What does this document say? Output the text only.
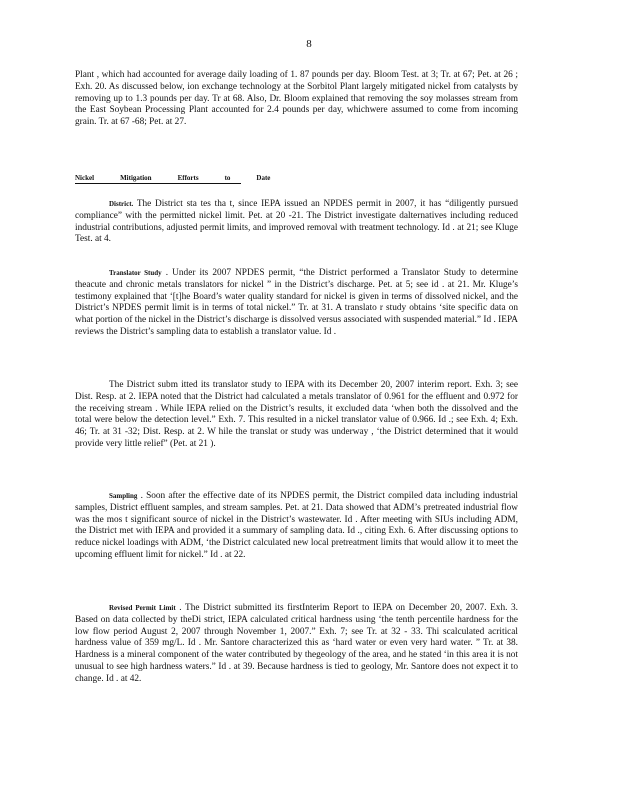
8

Plant , which had accounted for average daily loading of 1. 87 pounds per day. Bloom Test. at 3; Tr. at 67; Pet. at 26 ; Exh. 20. As discussed below, ion exchange technology at the Sorbitol Plant largely mitigated nickel from catalysts by removing up to 1.3 pounds per day. Tr at 68. Also, Dr. Bloom explained that removing the soy molasses stream from the East Soybean Processing Plant accounted for 2.4 pounds per day, whichwere assumed to come from incoming grain. Tr. at 67 -68; Pet. at 27.

Nickel	Mitigation	Efforts	to	Date

District. The District sta tes tha t, since IEPA issued an NPDES permit in 2007, it has “diligently pursued compliance” with the permitted nickel limit. Pet. at 20 -21. The District investigate dalternatives including reduced industrial contributions, adjusted permit limits, and improved removal with treatment technology. Id . at 21; see Kluge Test. at 4.

Translator Study . Under its 2007 NPDES permit, “the District performed a Translator Study to determine theacute and chronic metals translators for nickel ” in the District’s discharge. Pet. at 5; see id . at 21. Mr. Kluge’s testimony explained that ‘[t]he Board’s water quality standard for nickel is given in terms of dissolved nickel, and the District’s NPDES permit limit is in terms of total nickel.” Tr. at 31. A translato r study obtains ‘site specific data on what portion of the nickel in the District’s discharge is dissolved versus associated with suspended material.” Id . IEPA reviews the District’s sampling data to establish a translator value. Id .

The District subm itted its translator study to IEPA with its December 20, 2007 interim report. Exh. 3; see Dist. Resp. at 2. IEPA noted that the District had calculated a metals translator of 0.961 for the effluent and 0.972 for the receiving stream . While IEPA relied on the District’s results, it excluded data ‘when both the dissolved and the total were below the detection level.” Exh. 7. This resulted in a nickel translator value of 0.966. Id .; see Exh. 4; Exh. 46; Tr. at 31 -32; Dist. Resp. at 2. W hile the translat or study was underway , ‘the District determined that it would provide very little relief” (Pet. at 21 ).

Sampling . Soon after the effective date of its NPDES permit, the District compiled data including industrial samples, District effluent samples, and stream samples. Pet. at 21. Data showed that ADM’s pretreated industrial flow was the mos t significant source of nickel in the District’s wastewater. Id . After meeting with SIUs including ADM, the District met with IEPA and provided it a summary of sampling data. Id ., citing Exh. 6. After discussing options to reduce nickel loadings with ADM, ‘the District calculated new local pretreatment limits that would allow it to meet the upcoming effluent limit for nickel.” Id . at 22.

Revised Permit Limit . The District submitted its firstInterim Report to IEPA on December 20, 2007. Exh. 3. Based on data collected by theDi strict, IEPA calculated critical hardness using ‘the tenth percentile hardness for the low flow period August 2, 2007 through November 1, 2007.” Exh. 7; see Tr. at 32 - 33. Thi scalculated acritical hardness value of 359 mg/L. Id . Mr. Santore characterized this as ‘hard water or even very hard water. ” Tr. at 38. Hardness is a mineral component of the water contributed by thegeology of the area, and he stated ‘in this area it is not unusual to see high hardness waters.” Id . at 39. Because hardness is tied to geology, Mr. Santore does not expect it to change. Id . at 42.
